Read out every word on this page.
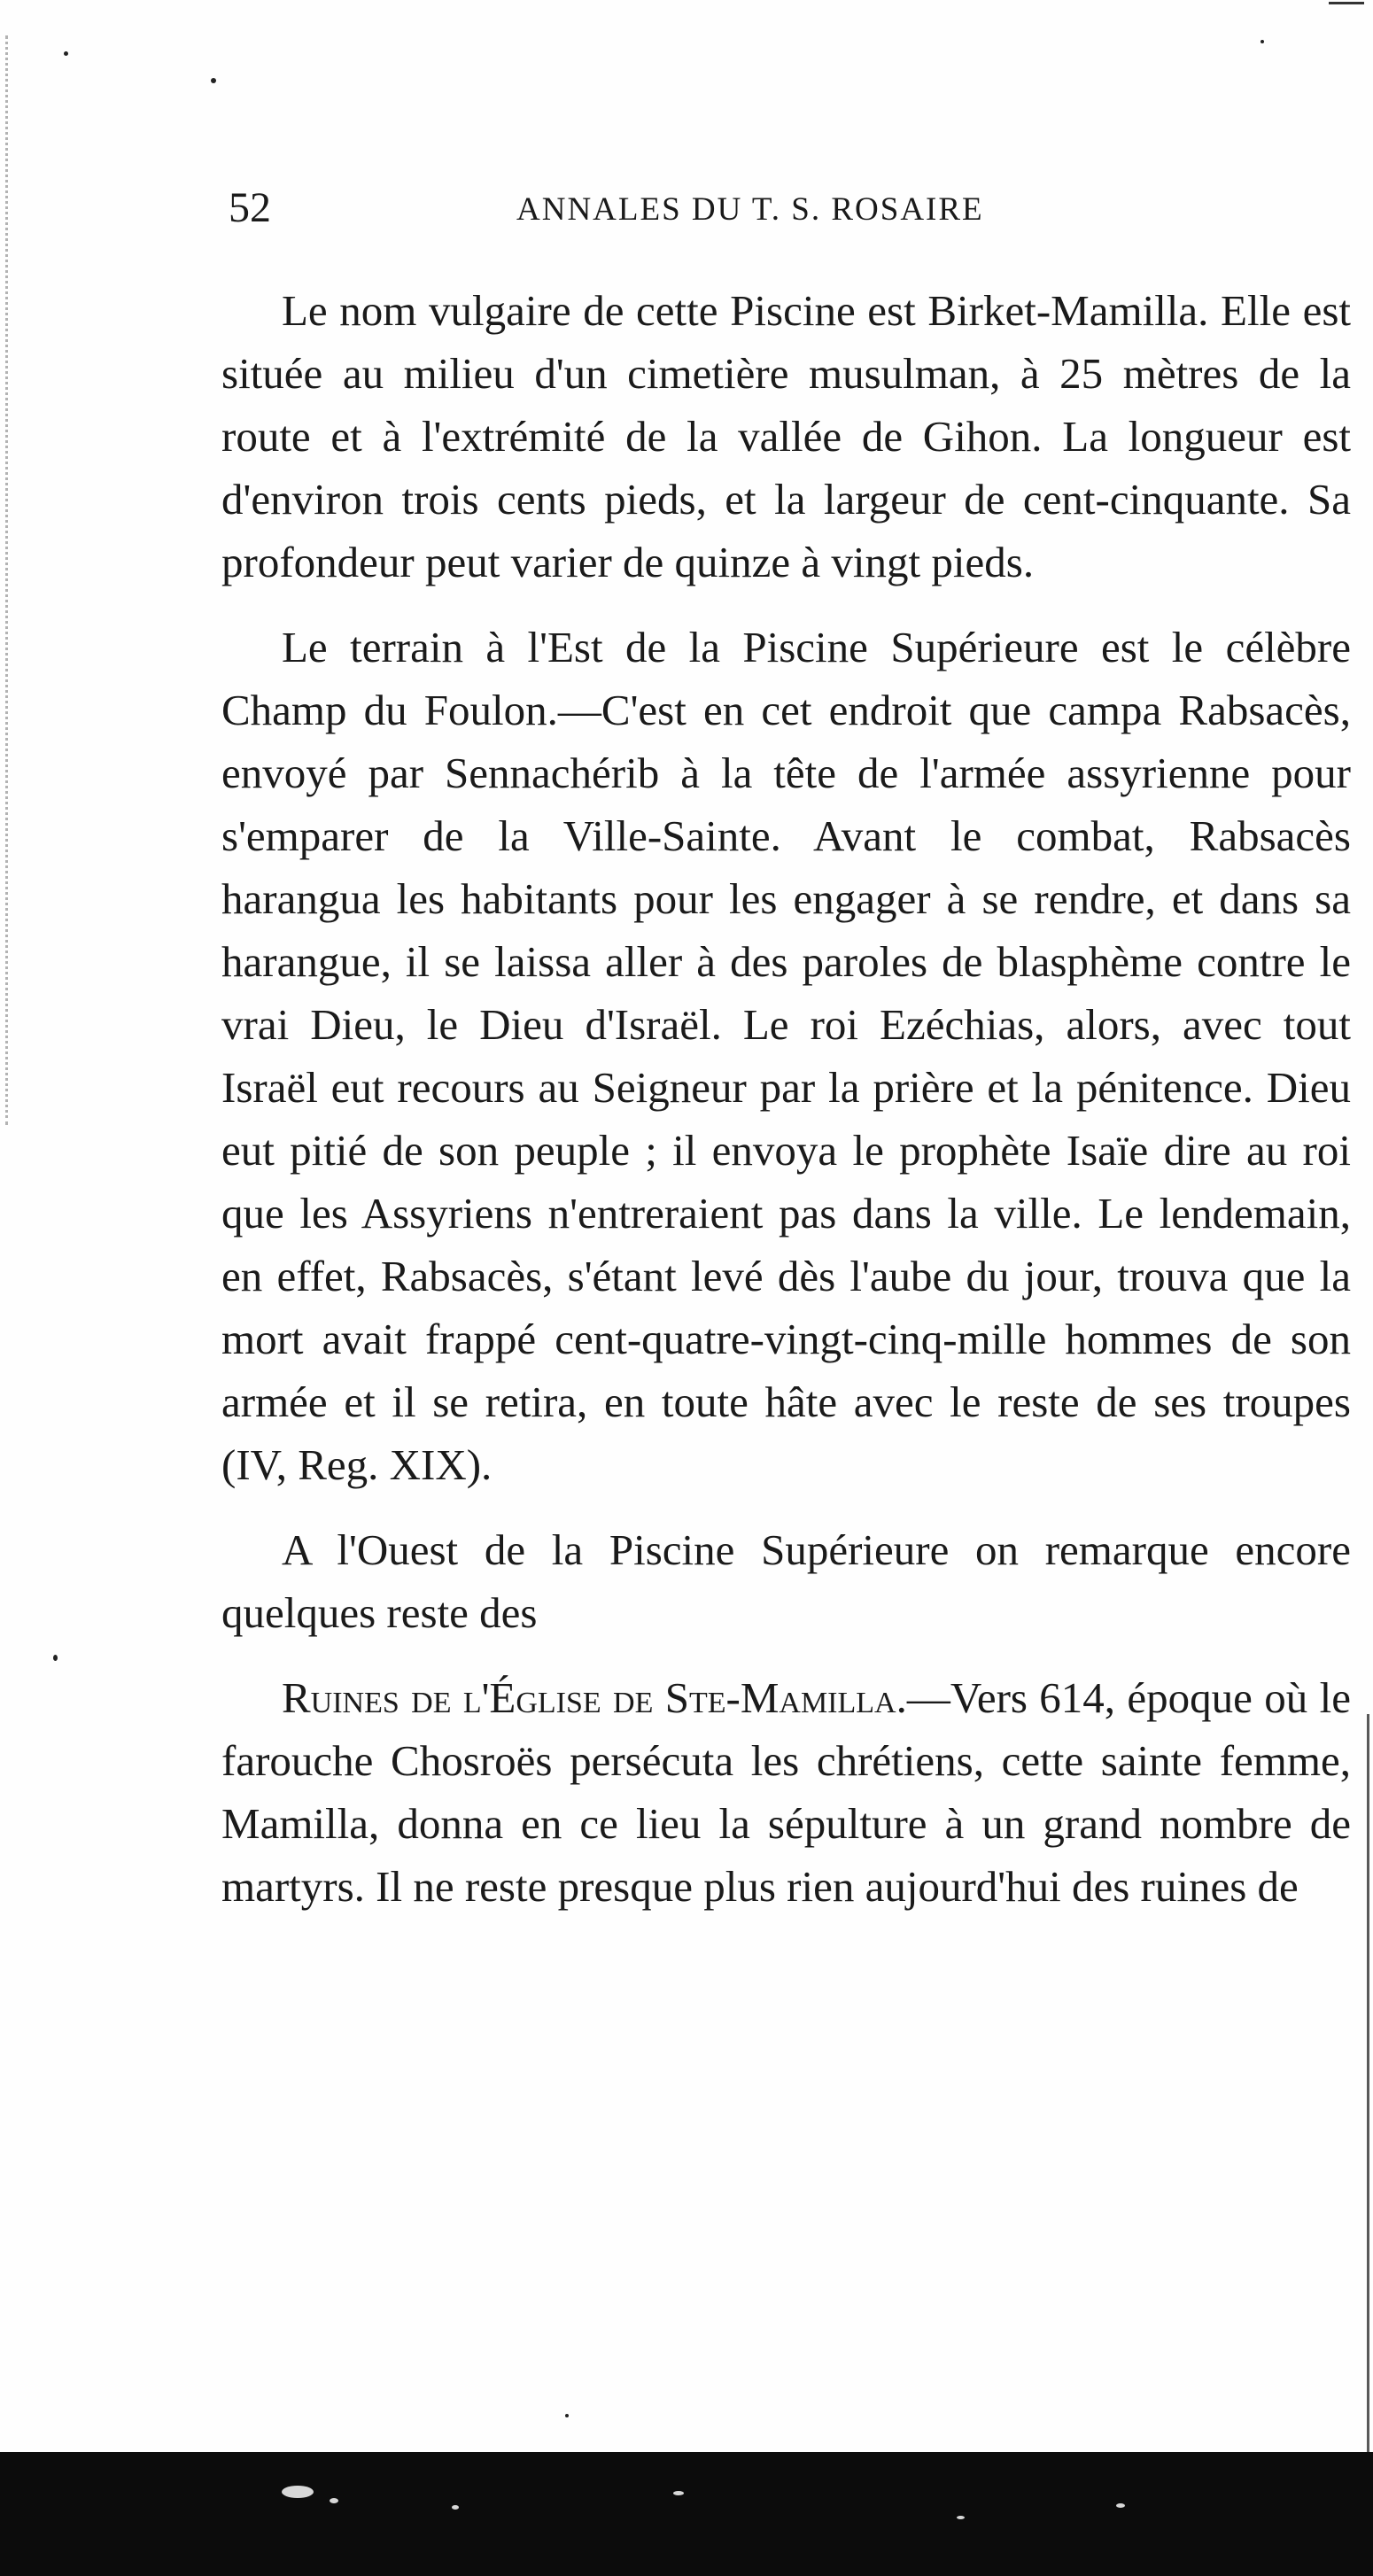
52	ANNALES DU T. S. ROSAIRE

Le nom vulgaire de cette Piscine est Birket-Mamilla. Elle est située au milieu d'un cimetière musulman, à 25 mètres de la route et à l'extrémité de la vallée de Gihon. La longueur est d'environ trois cents pieds, et la largeur de cent-cinquante. Sa profondeur peut varier de quinze à vingt pieds.

Le terrain à l'Est de la Piscine Supérieure est le célèbre Champ du Foulon.—C'est en cet endroit que campa Rabsacès, envoyé par Sennachérib à la tête de l'armée assyrienne pour s'emparer de la Ville-Sainte. Avant le combat, Rabsacès harangua les habitants pour les engager à se rendre, et dans sa harangue, il se laissa aller à des paroles de blasphème contre le vrai Dieu, le Dieu d'Israël. Le roi Ezéchias, alors, avec tout Israël eut recours au Seigneur par la prière et la pénitence. Dieu eut pitié de son peuple ; il envoya le prophète Isaïe dire au roi que les Assyriens n'entreraient pas dans la ville. Le lendemain, en effet, Rabsacès, s'étant levé dès l'aube du jour, trouva que la mort avait frappé cent-quatre-vingt-cinq-mille hommes de son armée et il se retira, en toute hâte avec le reste de ses troupes (IV, Reg. XIX).

A l'Ouest de la Piscine Supérieure on remarque encore quelques reste des

Ruines de l'Église de Ste-Mamilla.—Vers 614, époque où le farouche Chosroës persécuta les chrétiens, cette sainte femme, Mamilla, donna en ce lieu la sépulture à un grand nombre de martyrs. Il ne reste presque plus rien aujourd'hui des ruines de
